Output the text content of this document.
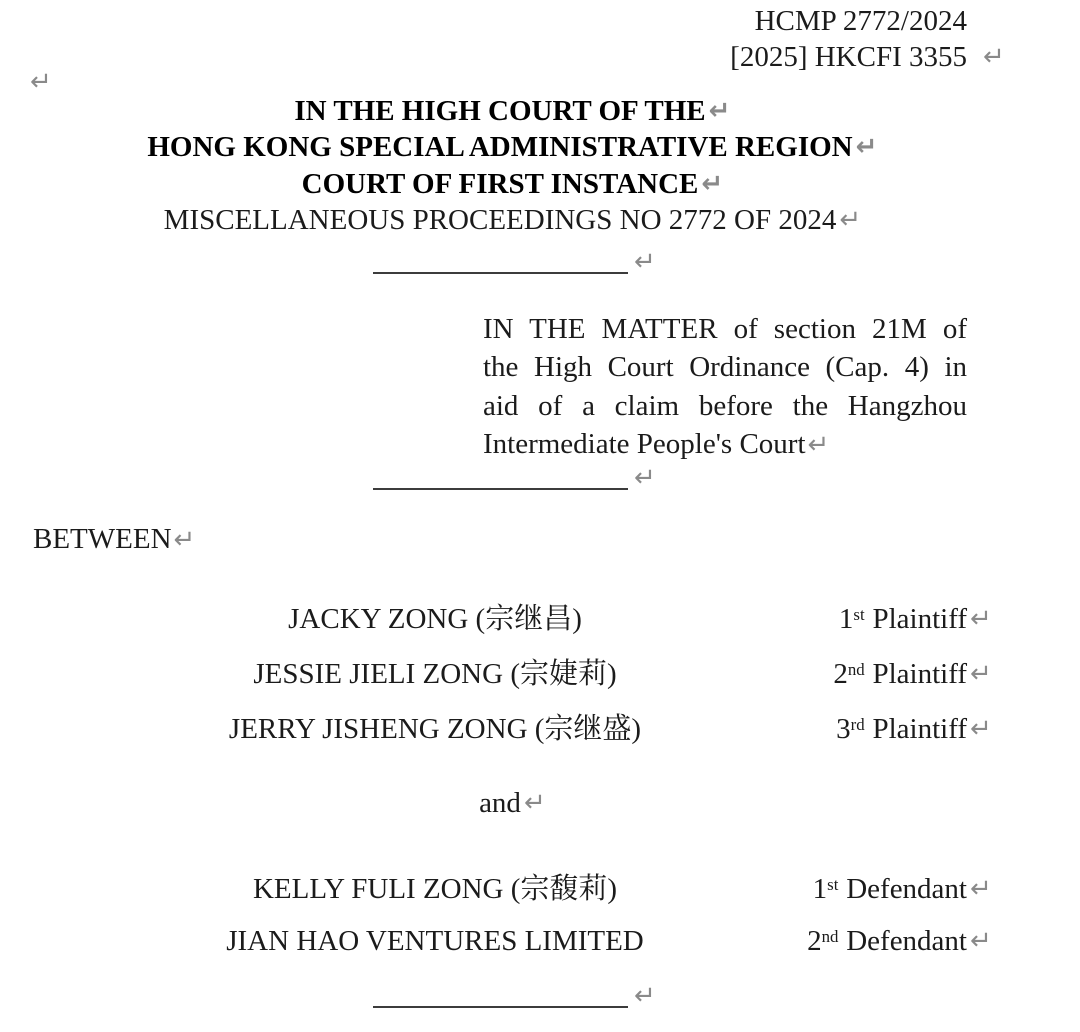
HCMP 2772/2024
[2025] HKCFI 3355 ↵
↵
IN THE HIGH COURT OF THE ↵
HONG KONG SPECIAL ADMINISTRATIVE REGION ↵
COURT OF FIRST INSTANCE ↵
MISCELLANEOUS PROCEEDINGS NO 2772 OF 2024 ↵
↵
IN THE MATTER of section 21M of
the High Court Ordinance (Cap. 4) in
aid of a claim before the Hangzhou
Intermediate People's Court↵
↵
BETWEEN↵
JACKY ZONG (宗继昌)	1st Plaintiff ↵
JESSIE JIELI ZONG (宗婕莉)	2nd Plaintiff ↵
JERRY JISHENG ZONG (宗继盛)	3rd Plaintiff ↵
and ↵
KELLY FULI ZONG (宗馥莉)	1st Defendant ↵
JIAN HAO VENTURES LIMITED	2nd Defendant ↵
↵
